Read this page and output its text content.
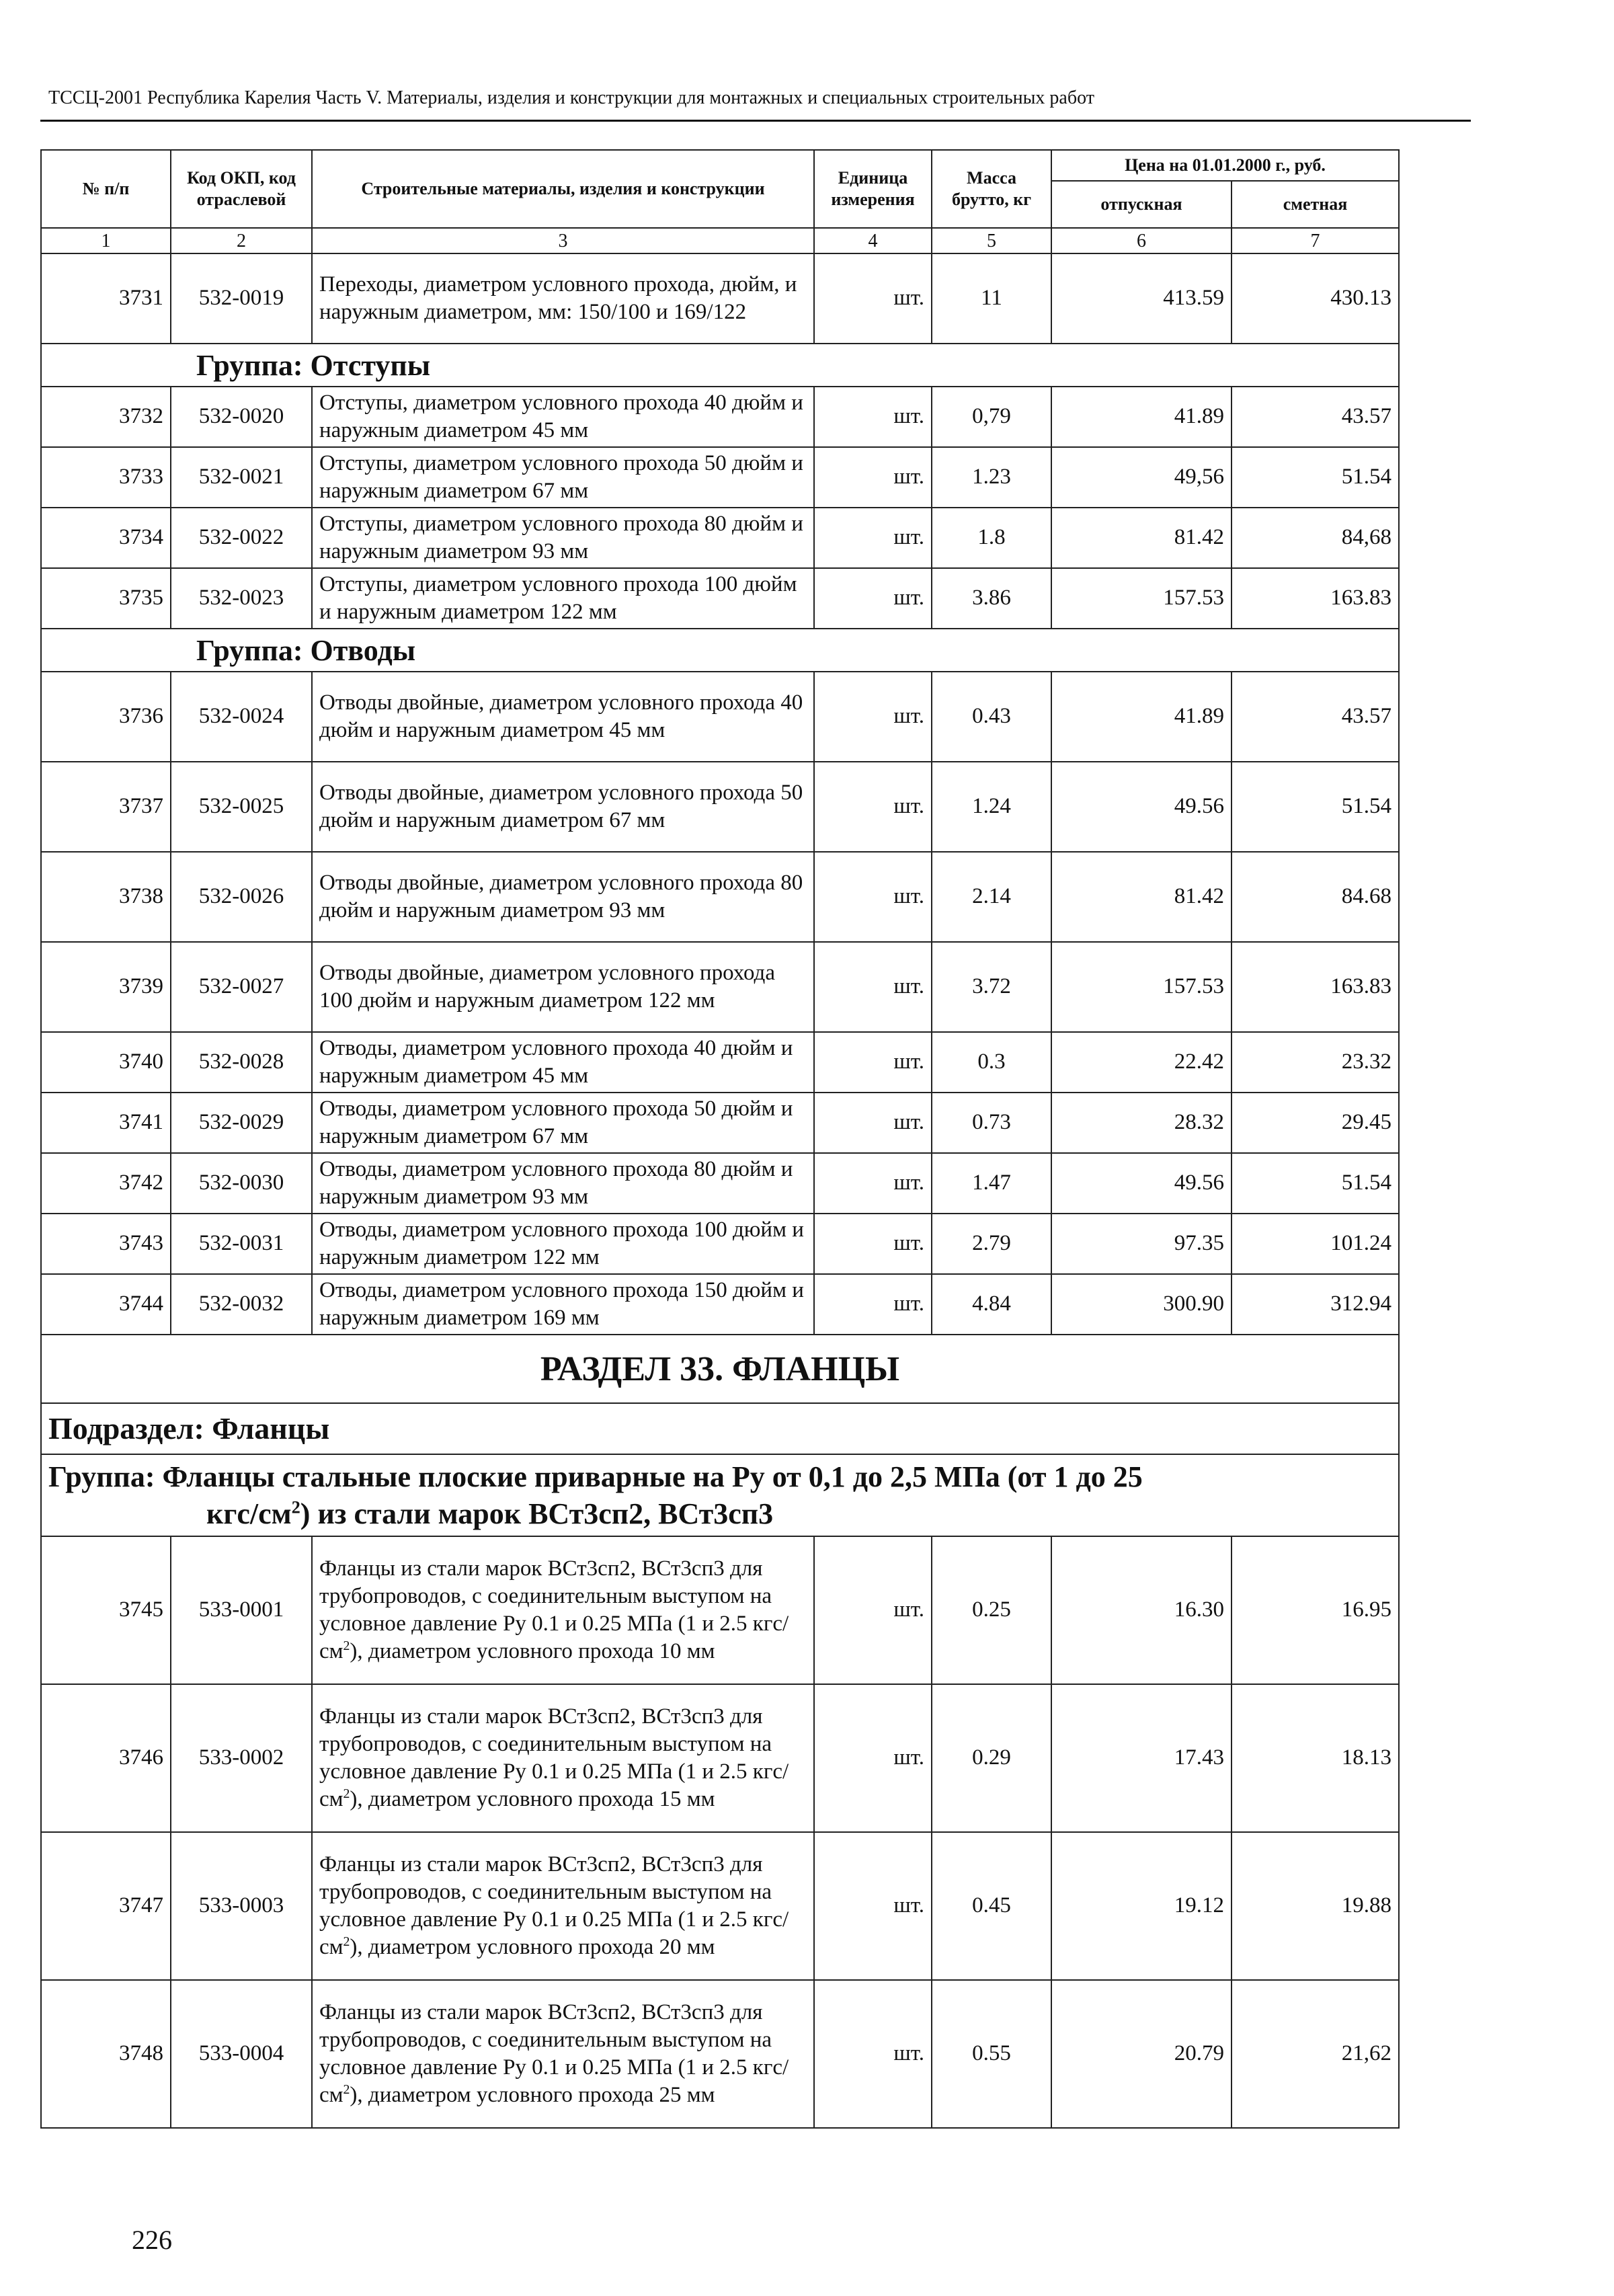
ТССЦ-2001 Республика Карелия Часть V. Материалы, изделия и конструкции для монтажных и специальных строительных работ
№ п/п	Код ОКП, код отраслевой	Строительные материалы, изделия и конструкции	Единица измерения	Масса брутто, кг	Цена на 01.01.2000 г., руб.	
					отпускная	сметная
1	2	3	4	5	6	7
3731	532-0019	Переходы, диаметром условного прохода, дюйм, и наружным диаметром, мм: 150/100 и 169/122	шт.	11	413.59	430.13
Группа: Отступы						
3732	532-0020	Отступы, диаметром условного прохода 40 дюйм и наружным диаметром 45 мм	шт.	0,79	41.89	43.57
3733	532-0021	Отступы, диаметром условного прохода 50 дюйм и наружным диаметром 67 мм	шт.	1.23	49,56	51.54
3734	532-0022	Отступы, диаметром условного прохода 80 дюйм и наружным диаметром 93 мм	шт.	1.8	81.42	84,68
3735	532-0023	Отступы, диаметром условного прохода 100 дюйм и наружным диаметром 122 мм	шт.	3.86	157.53	163.83
Группа: Отводы						
3736	532-0024	Отводы двойные, диаметром условного прохода 40 дюйм и наружным диаметром 45 мм	шт.	0.43	41.89	43.57
3737	532-0025	Отводы двойные, диаметром условного прохода 50 дюйм и наружным диаметром 67 мм	шт.	1.24	49.56	51.54
3738	532-0026	Отводы двойные, диаметром условного прохода 80 дюйм и наружным диаметром 93 мм	шт.	2.14	81.42	84.68
3739	532-0027	Отводы двойные, диаметром условного прохода 100 дюйм и наружным диаметром 122 мм	шт.	3.72	157.53	163.83
3740	532-0028	Отводы, диаметром условного прохода 40 дюйм и наружным диаметром 45 мм	шт.	0.3	22.42	23.32
3741	532-0029	Отводы, диаметром условного прохода 50 дюйм и наружным диаметром 67 мм	шт.	0.73	28.32	29.45
3742	532-0030	Отводы, диаметром условного прохода 80 дюйм и наружным диаметром 93 мм	шт.	1.47	49.56	51.54
3743	532-0031	Отводы, диаметром условного прохода 100 дюйм и наружным диаметром 122 мм	шт.	2.79	97.35	101.24
3744	532-0032	Отводы, диаметром условного прохода 150 дюйм и наружным диаметром 169 мм	шт.	4.84	300.90	312.94
РАЗДЕЛ 33. ФЛАНЦЫ						
Подраздел: Фланцы						
Группа: Фланцы стальные плоские приварные на Ру от 0,1 до 2,5 МПа (от 1 до 25
кгс/$см^2$) из стали марок ВСт3сп2, ВСт3сп3						

3745	533-0001	Фланцы из стали марок ВСт3сп2, ВСт3сп3 для трубопроводов, с соединительным выступом на условное давление Ру 0.1 и 0.25 МПа (1 и 2.5 кгс/$см^2$), диаметром условного прохода 10 мм	шт.	0.25	16.30	16.95
3746	533-0002	Фланцы из стали марок ВСт3сп2, ВСт3сп3 для трубопроводов, с соединительным выступом на условное давление Ру 0.1 и 0.25 МПа (1 и 2.5 кгс/$см^2$), диаметром условного прохода 15 мм	шт.	0.29	17.43	18.13
3747	533-0003	Фланцы из стали марок ВСт3сп2, ВСт3сп3 для трубопроводов, с соединительным выступом на условное давление Ру 0.1 и 0.25 МПа (1 и 2.5 кгс/$см^2$), диаметром условного прохода 20 мм	шт.	0.45	19.12	19.88
3748	533-0004	Фланцы из стали марок ВСт3сп2, ВСт3сп3 для трубопроводов, с соединительным выступом на условное давление Ру 0.1 и 0.25 МПа (1 и 2.5 кгс/$см^2$), диаметром условного прохода 25 мм	шт.	0.55	20.79	21,62
226
